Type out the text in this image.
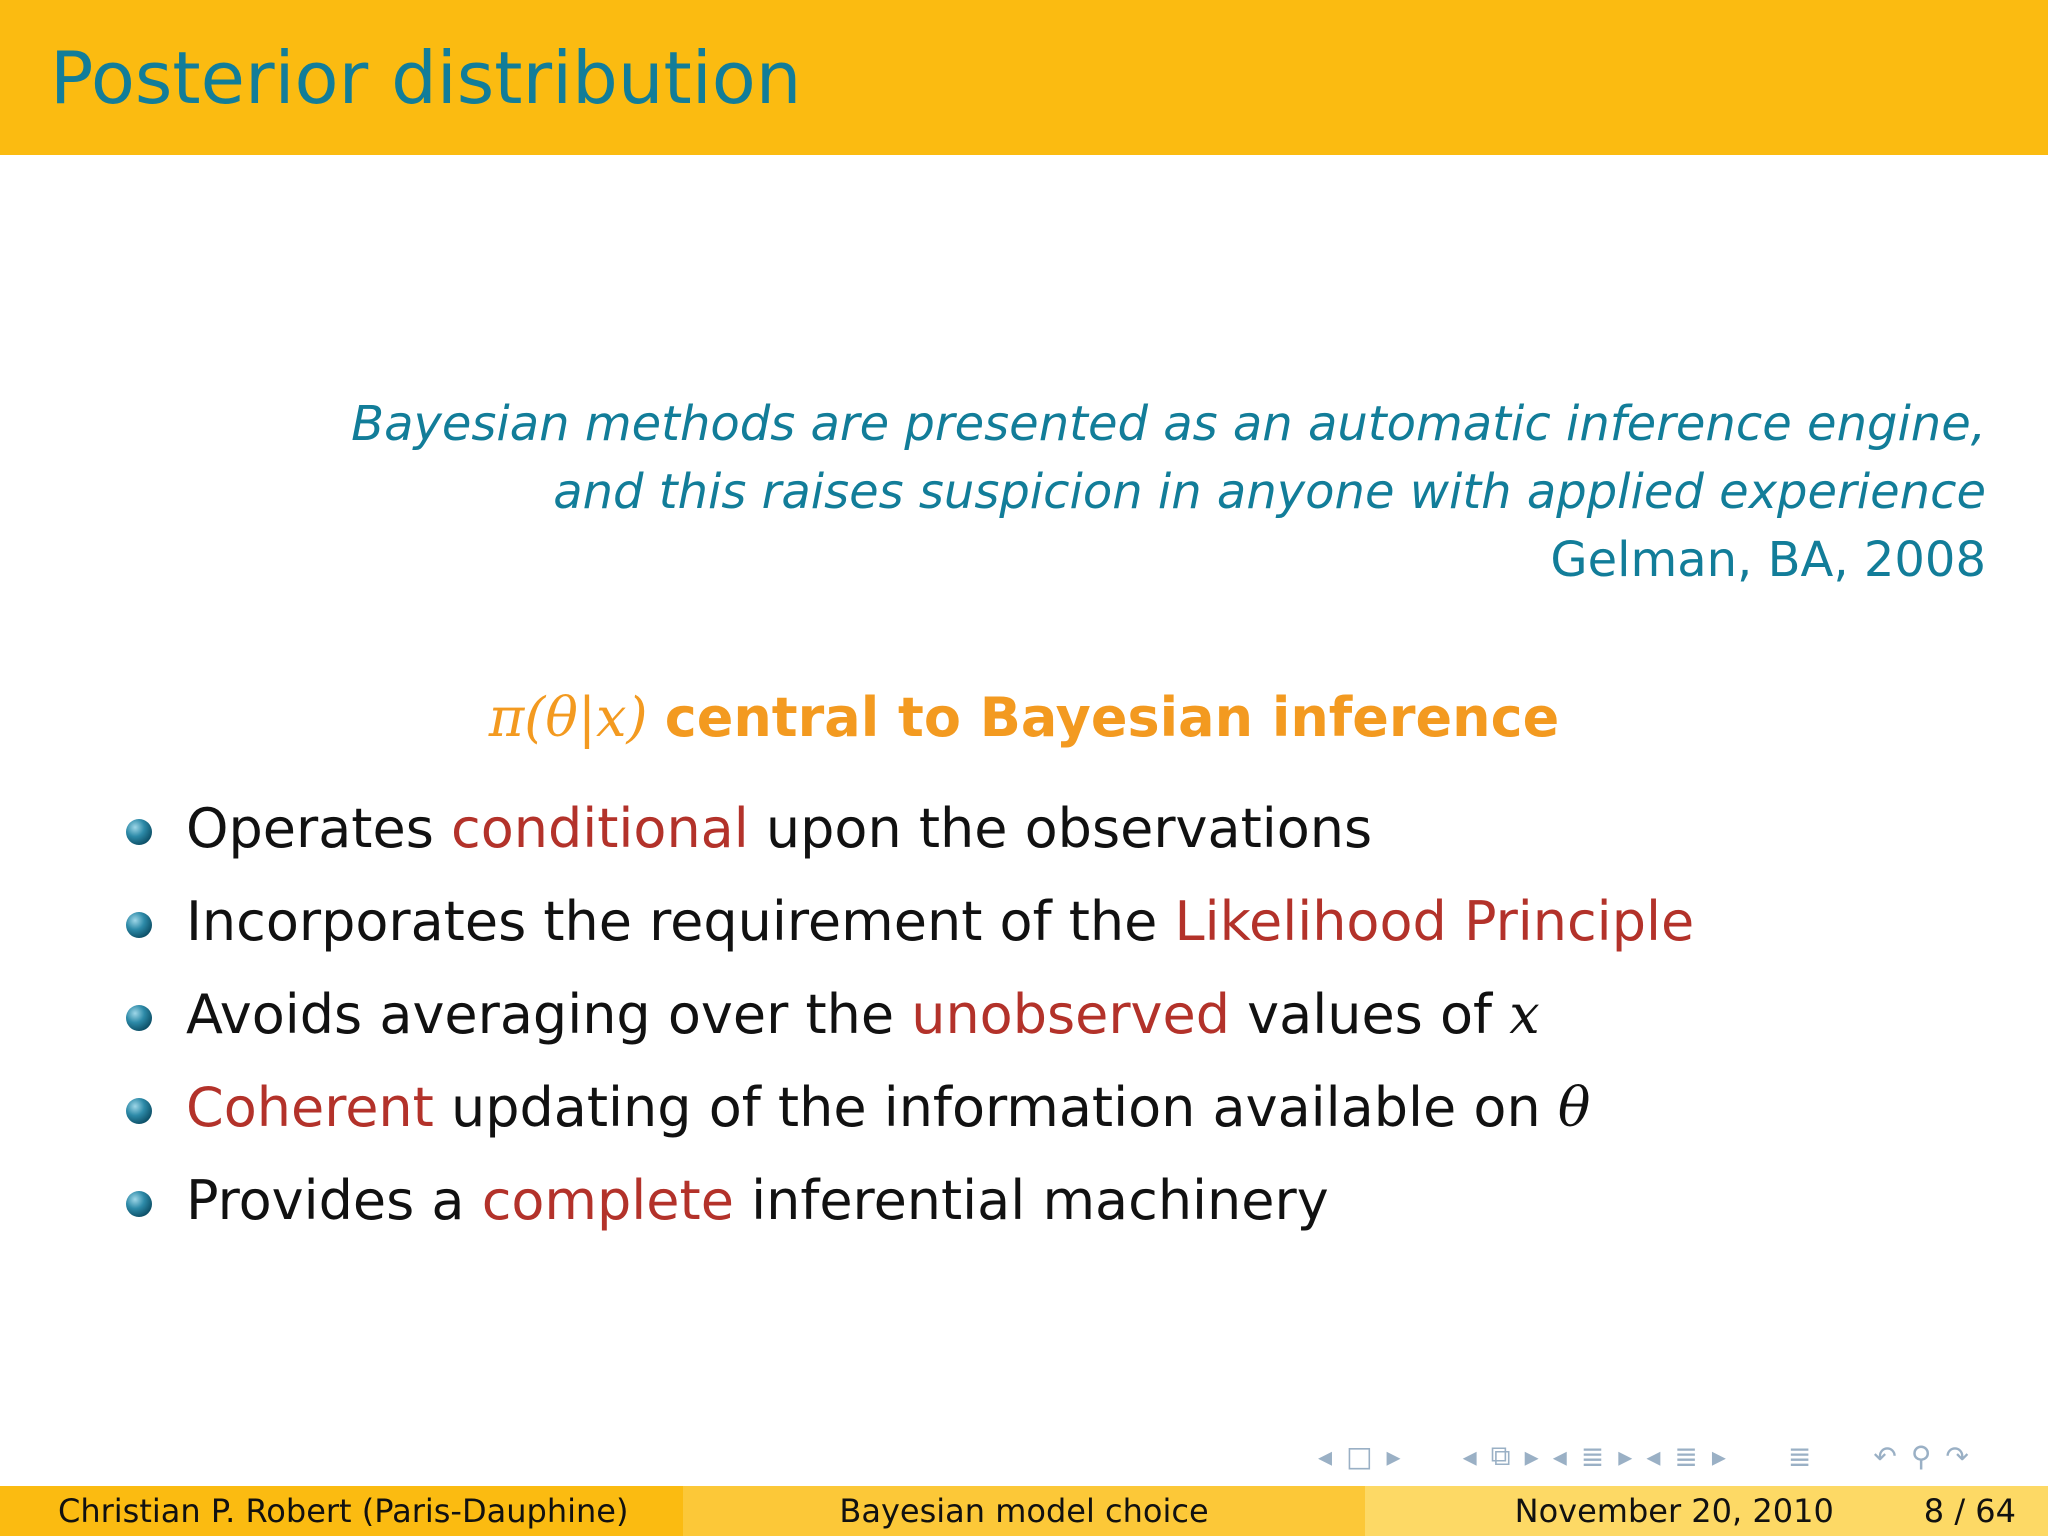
Posterior distribution
Bayesian methods are presented as an automatic inference engine,
and this raises suspicion in anyone with applied experience
Gelman, BA, 2008
π(θ|x) central to Bayesian inference
Operates conditional upon the observations
Incorporates the requirement of the Likelihood Principle
Avoids averaging over the unobserved values of x
Coherent updating of the information available on θ
Provides a complete inferential machinery
◂ □ ▸ ◂ ⧉ ▸ ◂ ≣ ▸ ◂ ≣ ▸ ≣ ↶ ⚲ ↷
Christian P. Robert (Paris-Dauphine)	Bayesian model choice	November 20, 2010	8 / 64
